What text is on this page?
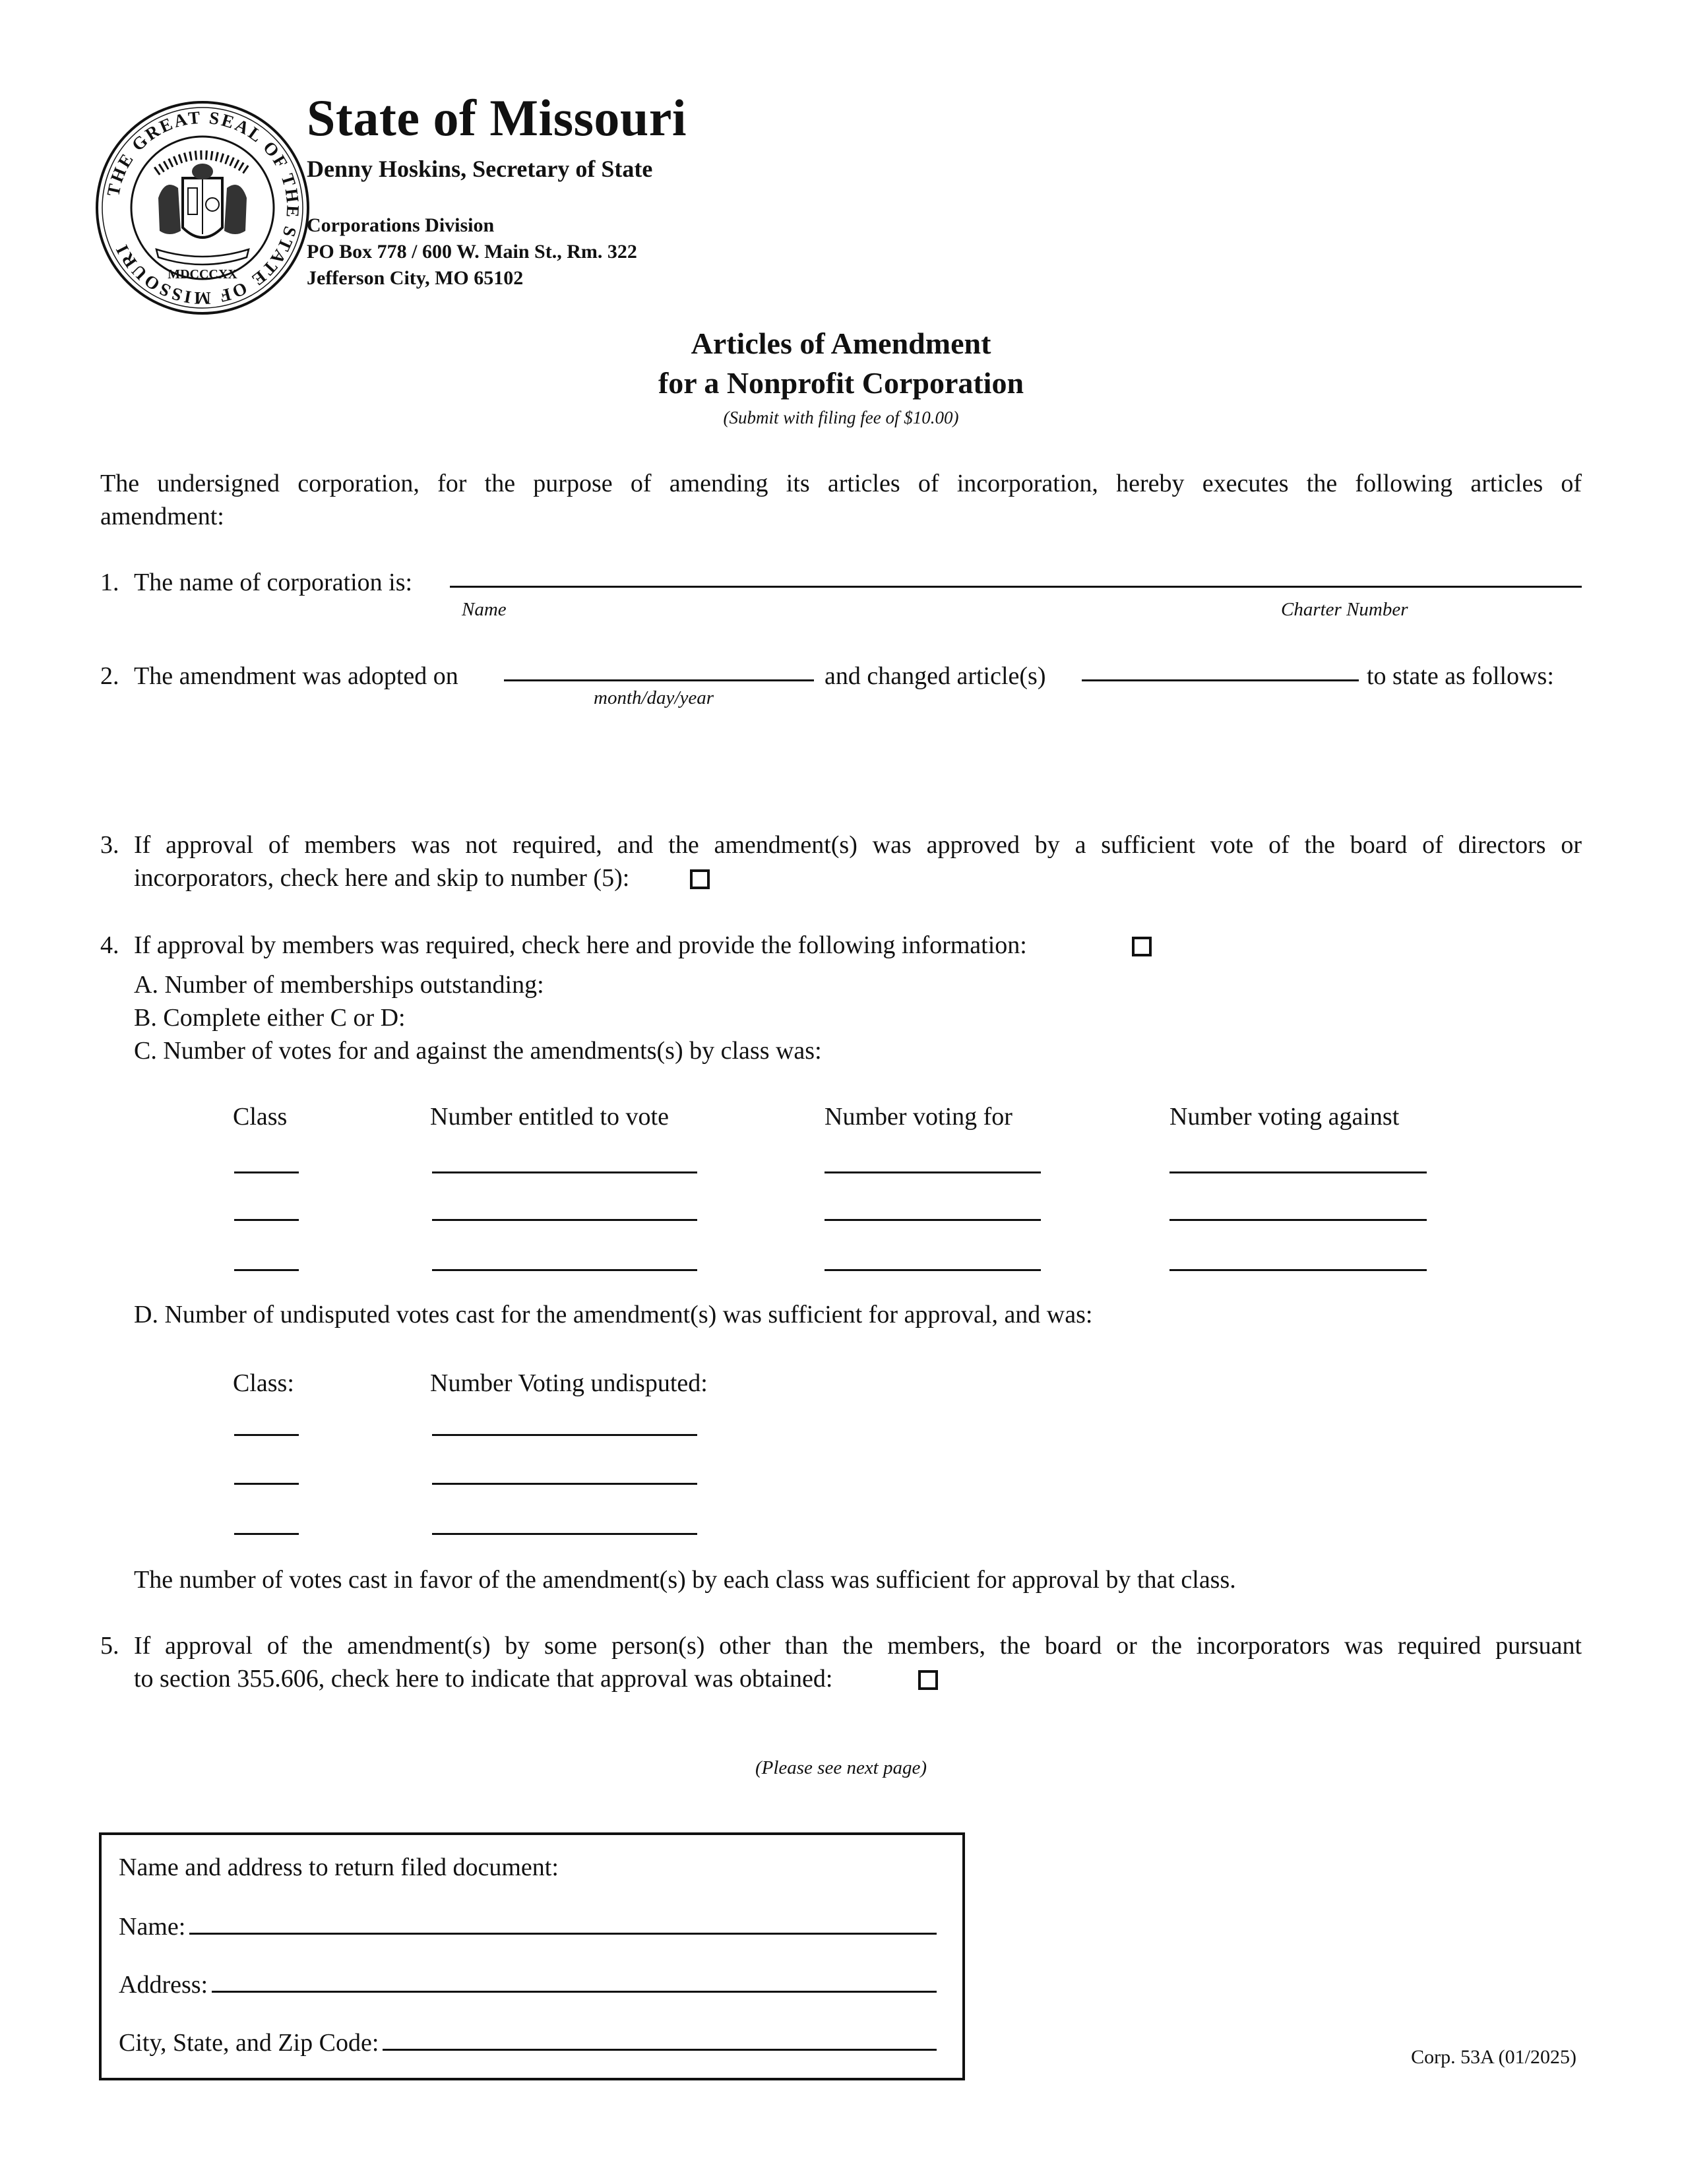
THE GREAT SEAL OF THE STATE OF MISSOURI
MDCCCXX
State of Missouri
Denny Hoskins, Secretary of State
Corporations Division
PO Box 778 / 600 W. Main St., Rm. 322
Jefferson City, MO 65102
Articles of Amendment
for a Nonprofit Corporation
(Submit with filing fee of $10.00)
The undersigned corporation, for the purpose of amending its articles of incorporation, hereby executes the following articles of
amendment:
1. The name of corporation is:
Name	Charter Number
2. The amendment was adopted on
month/day/year
and changed article(s)	to state as follows:
3. If approval of members was not required, and the amendment(s) was approved by a sufficient vote of the board of directors or
incorporators, check here and skip to number (5):
4. If approval by members was required, check here and provide the following information:
A. Number of memberships outstanding:
B. Complete either C or D:
C. Number of votes for and against the amendments(s) by class was:
Class	Number entitled to vote	Number voting for	Number voting against
D. Number of undisputed votes cast for the amendment(s) was sufficient for approval, and was:
Class:	Number Voting undisputed:
The number of votes cast in favor of the amendment(s) by each class was sufficient for approval by that class.
5. If approval of the amendment(s) by some person(s) other than the members, the board or the incorporators was required pursuant
to section 355.606, check here to indicate that approval was obtained:
(Please see next page)
Name and address to return filed document:
Name:
Address:
City, State, and Zip Code:
Corp. 53A (01/2025)
